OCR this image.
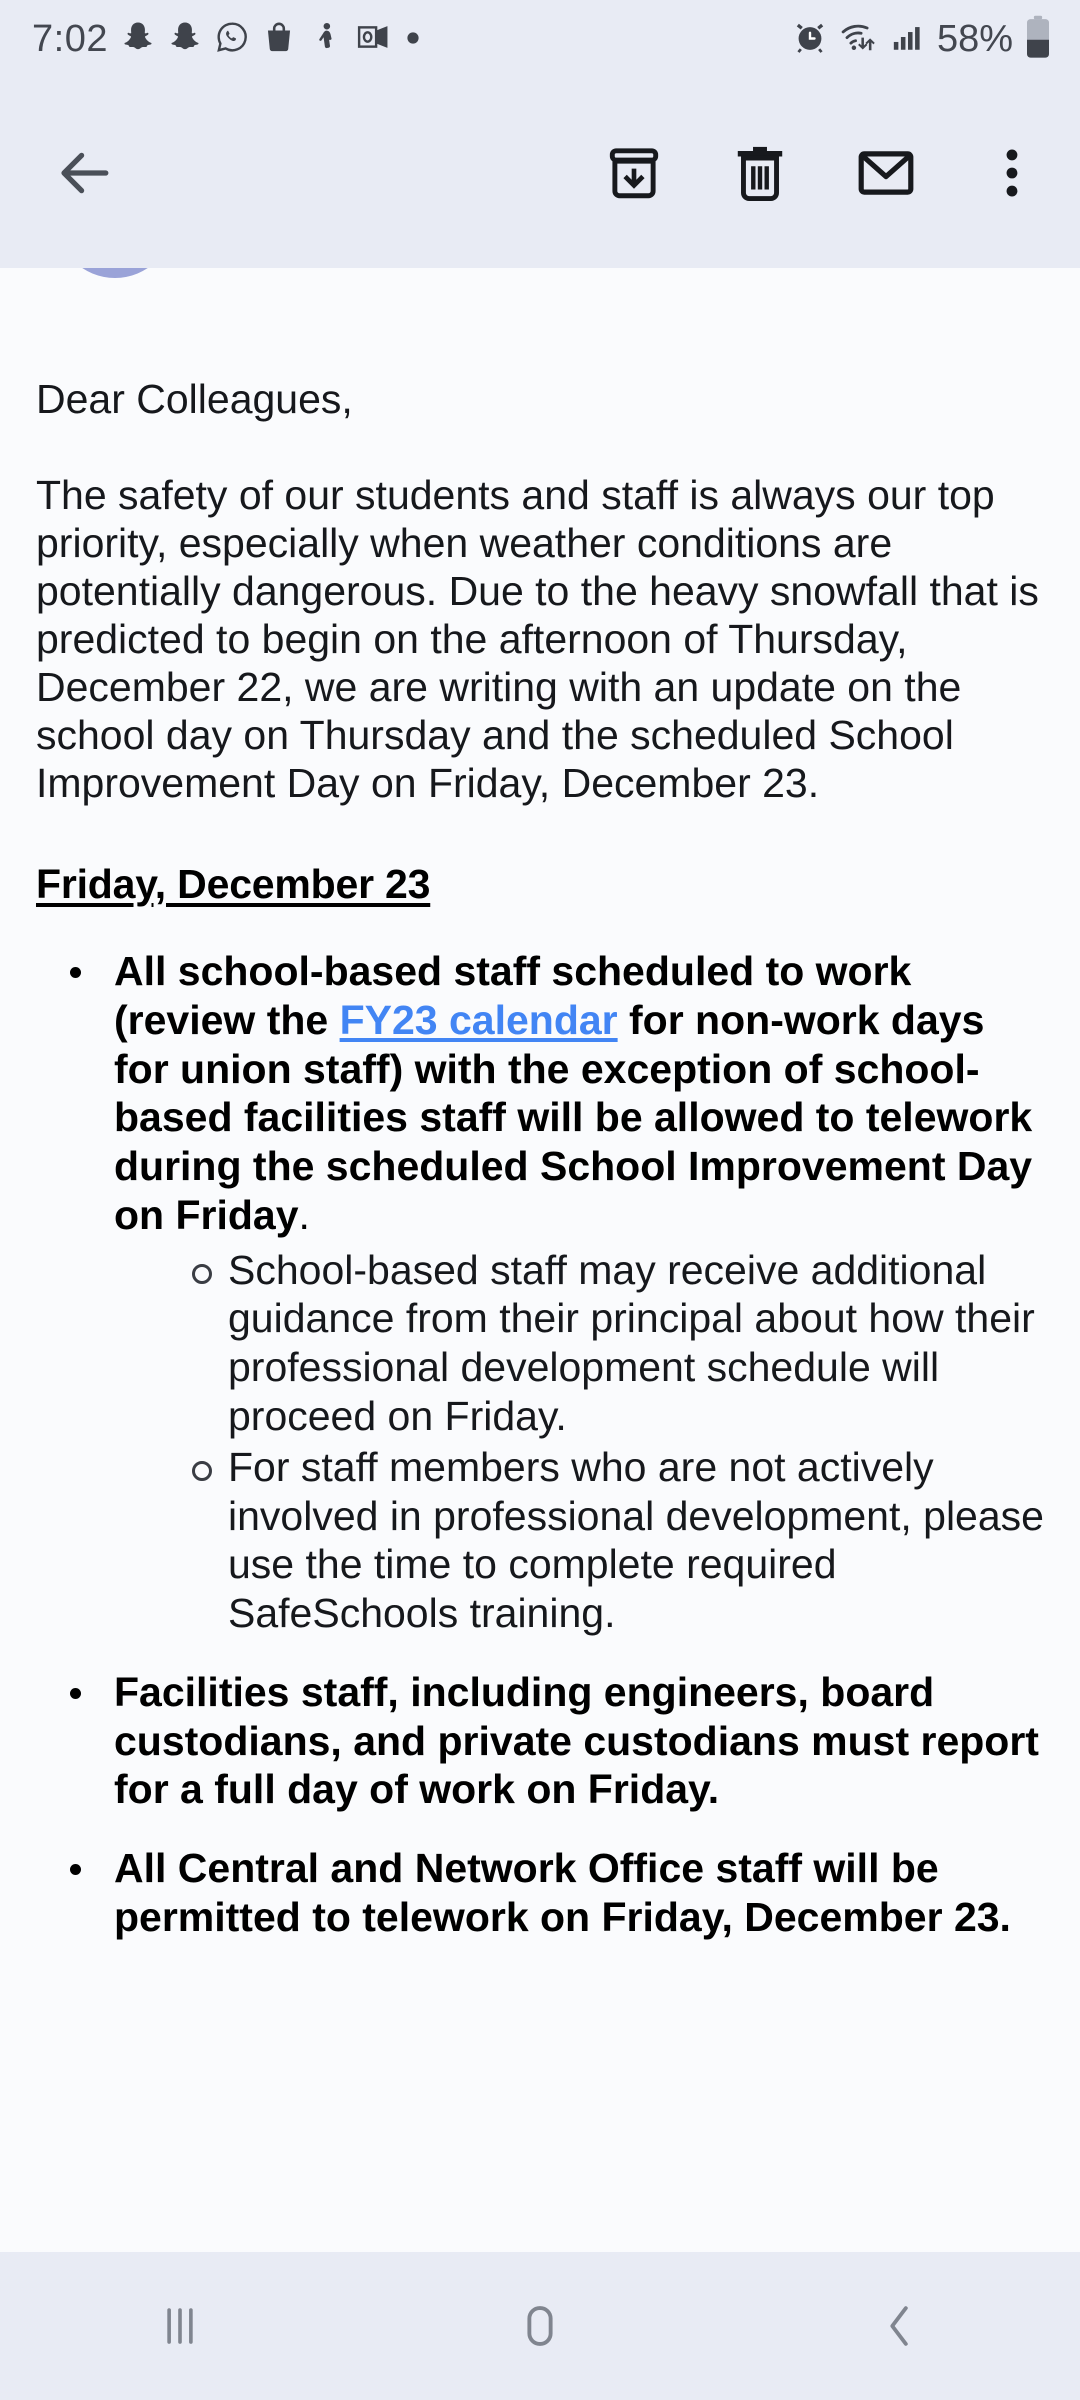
7:02	58%

Dear Colleagues,

The safety of our students and staff is always our top priority, especially when weather conditions are potentially dangerous. Due to the heavy snowfall that is predicted to begin on the afternoon of Thursday, December 22, we are writing with an update on the school day on Thursday and the scheduled School Improvement Day on Friday, December 23.

Friday, December 23
All school-based staff scheduled to work (review the FY23 calendar for non-work days for union staff) with the exception of school-based facilities staff will be allowed to telework during the scheduled School Improvement Day on Friday.
School-based staff may receive additional guidance from their principal about how their professional development schedule will proceed on Friday.
For staff members who are not actively involved in professional development, please use the time to complete required SafeSchools training.
Facilities staff, including engineers, board custodians, and private custodians must report for a full day of work on Friday.
All Central and Network Office staff will be permitted to telework on Friday, December 23.
